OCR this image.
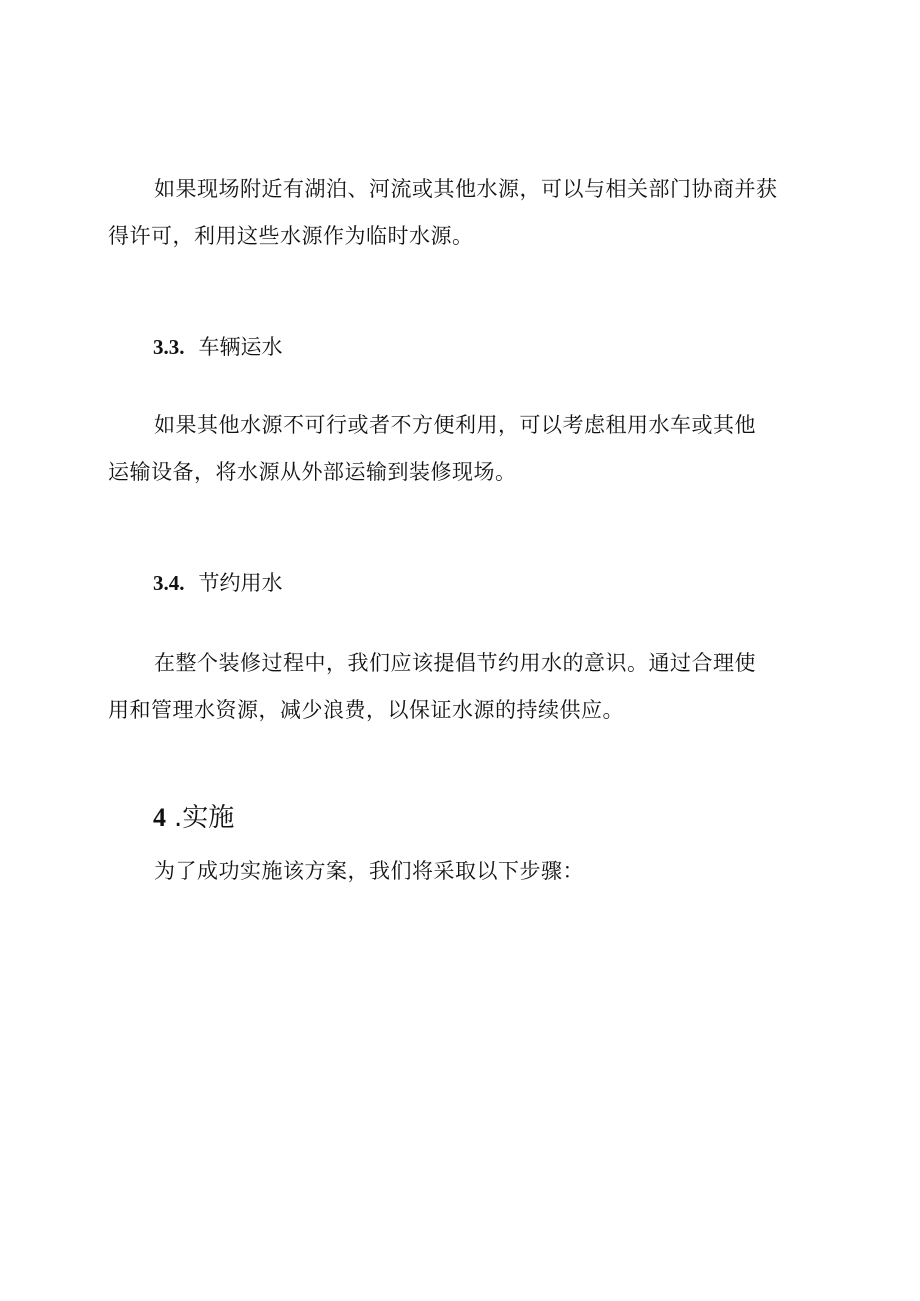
如果现场附近有湖泊、河流或其他水源，可以与相关部门协商并获
得许可，利用这些水源作为临时水源。
3.3. 车辆运水
如果其他水源不可行或者不方便利用，可以考虑租用水车或其他
运输设备，将水源从外部运输到装修现场。
3.4. 节约用水
在整个装修过程中，我们应该提倡节约用水的意识。通过合理使
用和管理水资源，减少浪费，以保证水源的持续供应。
4 .实施
为了成功实施该方案，我们将采取以下步骤：
